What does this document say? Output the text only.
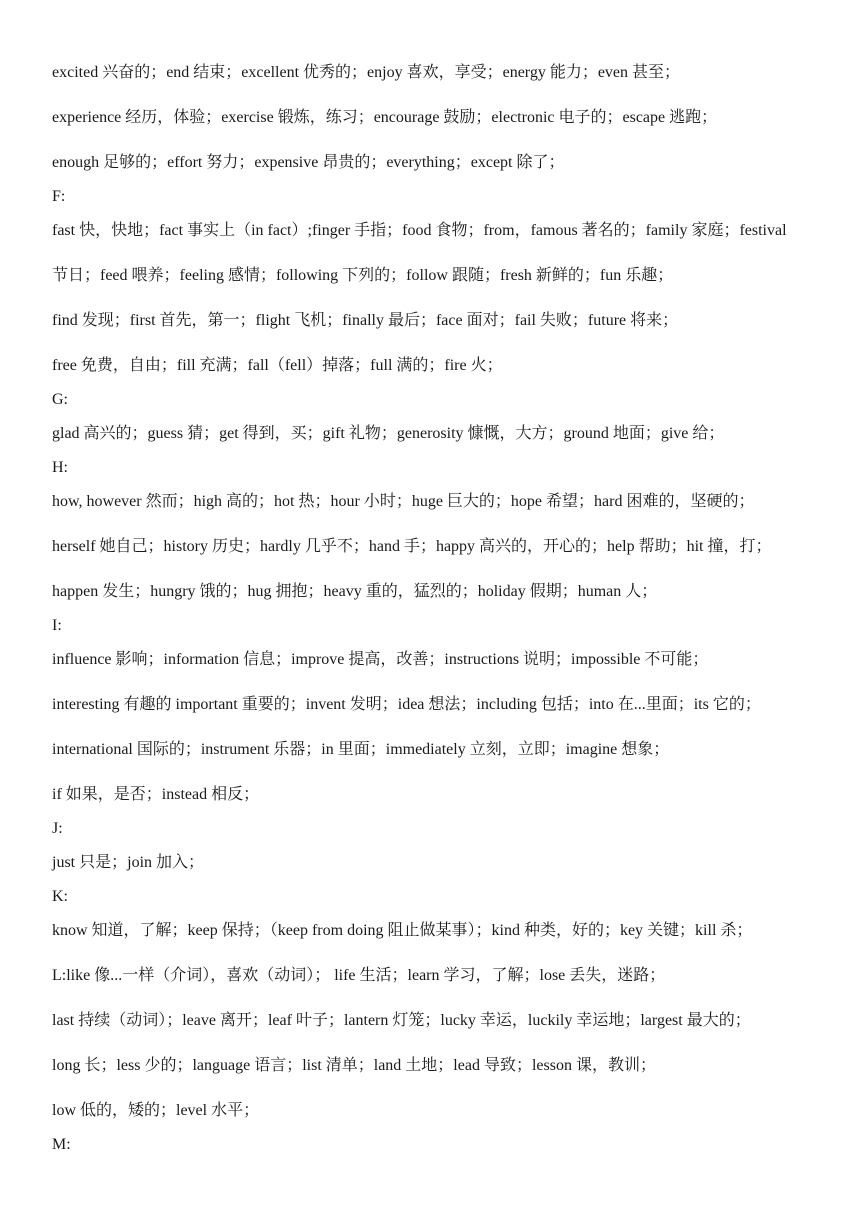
excited 兴奋的；end 结束；excellent 优秀的；enjoy 喜欢，享受；energy 能力；even 甚至；
experience 经历，体验；exercise 锻炼，练习；encourage 鼓励；electronic 电子的；escape 逃跑；
enough 足够的；effort 努力；expensive 昂贵的；everything；except 除了；
F:
fast 快，快地；fact 事实上（in fact）;finger 手指；food 食物；from，famous 著名的；family 家庭；festival
节日；feed 喂养；feeling 感情；following 下列的；follow 跟随；fresh 新鲜的；fun 乐趣；
find 发现；first 首先，第一；flight 飞机；finally 最后；face 面对；fail 失败；future 将来；
free 免费，自由；fill 充满；fall（fell）掉落；full 满的；fire 火；
G:
glad 高兴的；guess 猜；get 得到，买；gift 礼物；generosity 慷慨，大方；ground 地面；give 给；
H:
how, however 然而；high 高的；hot 热；hour 小时；huge 巨大的；hope 希望；hard 困难的，坚硬的；
herself 她自己；history 历史；hardly 几乎不；hand 手；happy 高兴的，开心的；help 帮助；hit 撞，打；
happen 发生；hungry 饿的；hug 拥抱；heavy 重的，猛烈的；holiday 假期；human 人；
I:
influence 影响；information 信息；improve 提高，改善；instructions 说明；impossible 不可能；
interesting 有趣的 important 重要的；invent 发明；idea 想法；including 包括；into 在...里面；its 它的；
international 国际的；instrument 乐器；in 里面；immediately 立刻，立即；imagine 想象；
if 如果，是否；instead 相反；
J:
just 只是；join 加入；
K:
know 知道，了解；keep 保持；（keep from doing 阻止做某事）；kind 种类，好的；key 关键；kill 杀；
L:like 像...一样（介词），喜欢（动词）； life 生活；learn 学习，了解；lose 丢失，迷路；
last 持续（动词）；leave 离开；leaf 叶子；lantern 灯笼；lucky 幸运，luckily 幸运地；largest 最大的；
long 长；less 少的；language 语言；list 清单；land 土地；lead 导致；lesson 课，教训；
low 低的，矮的；level 水平；
M:
